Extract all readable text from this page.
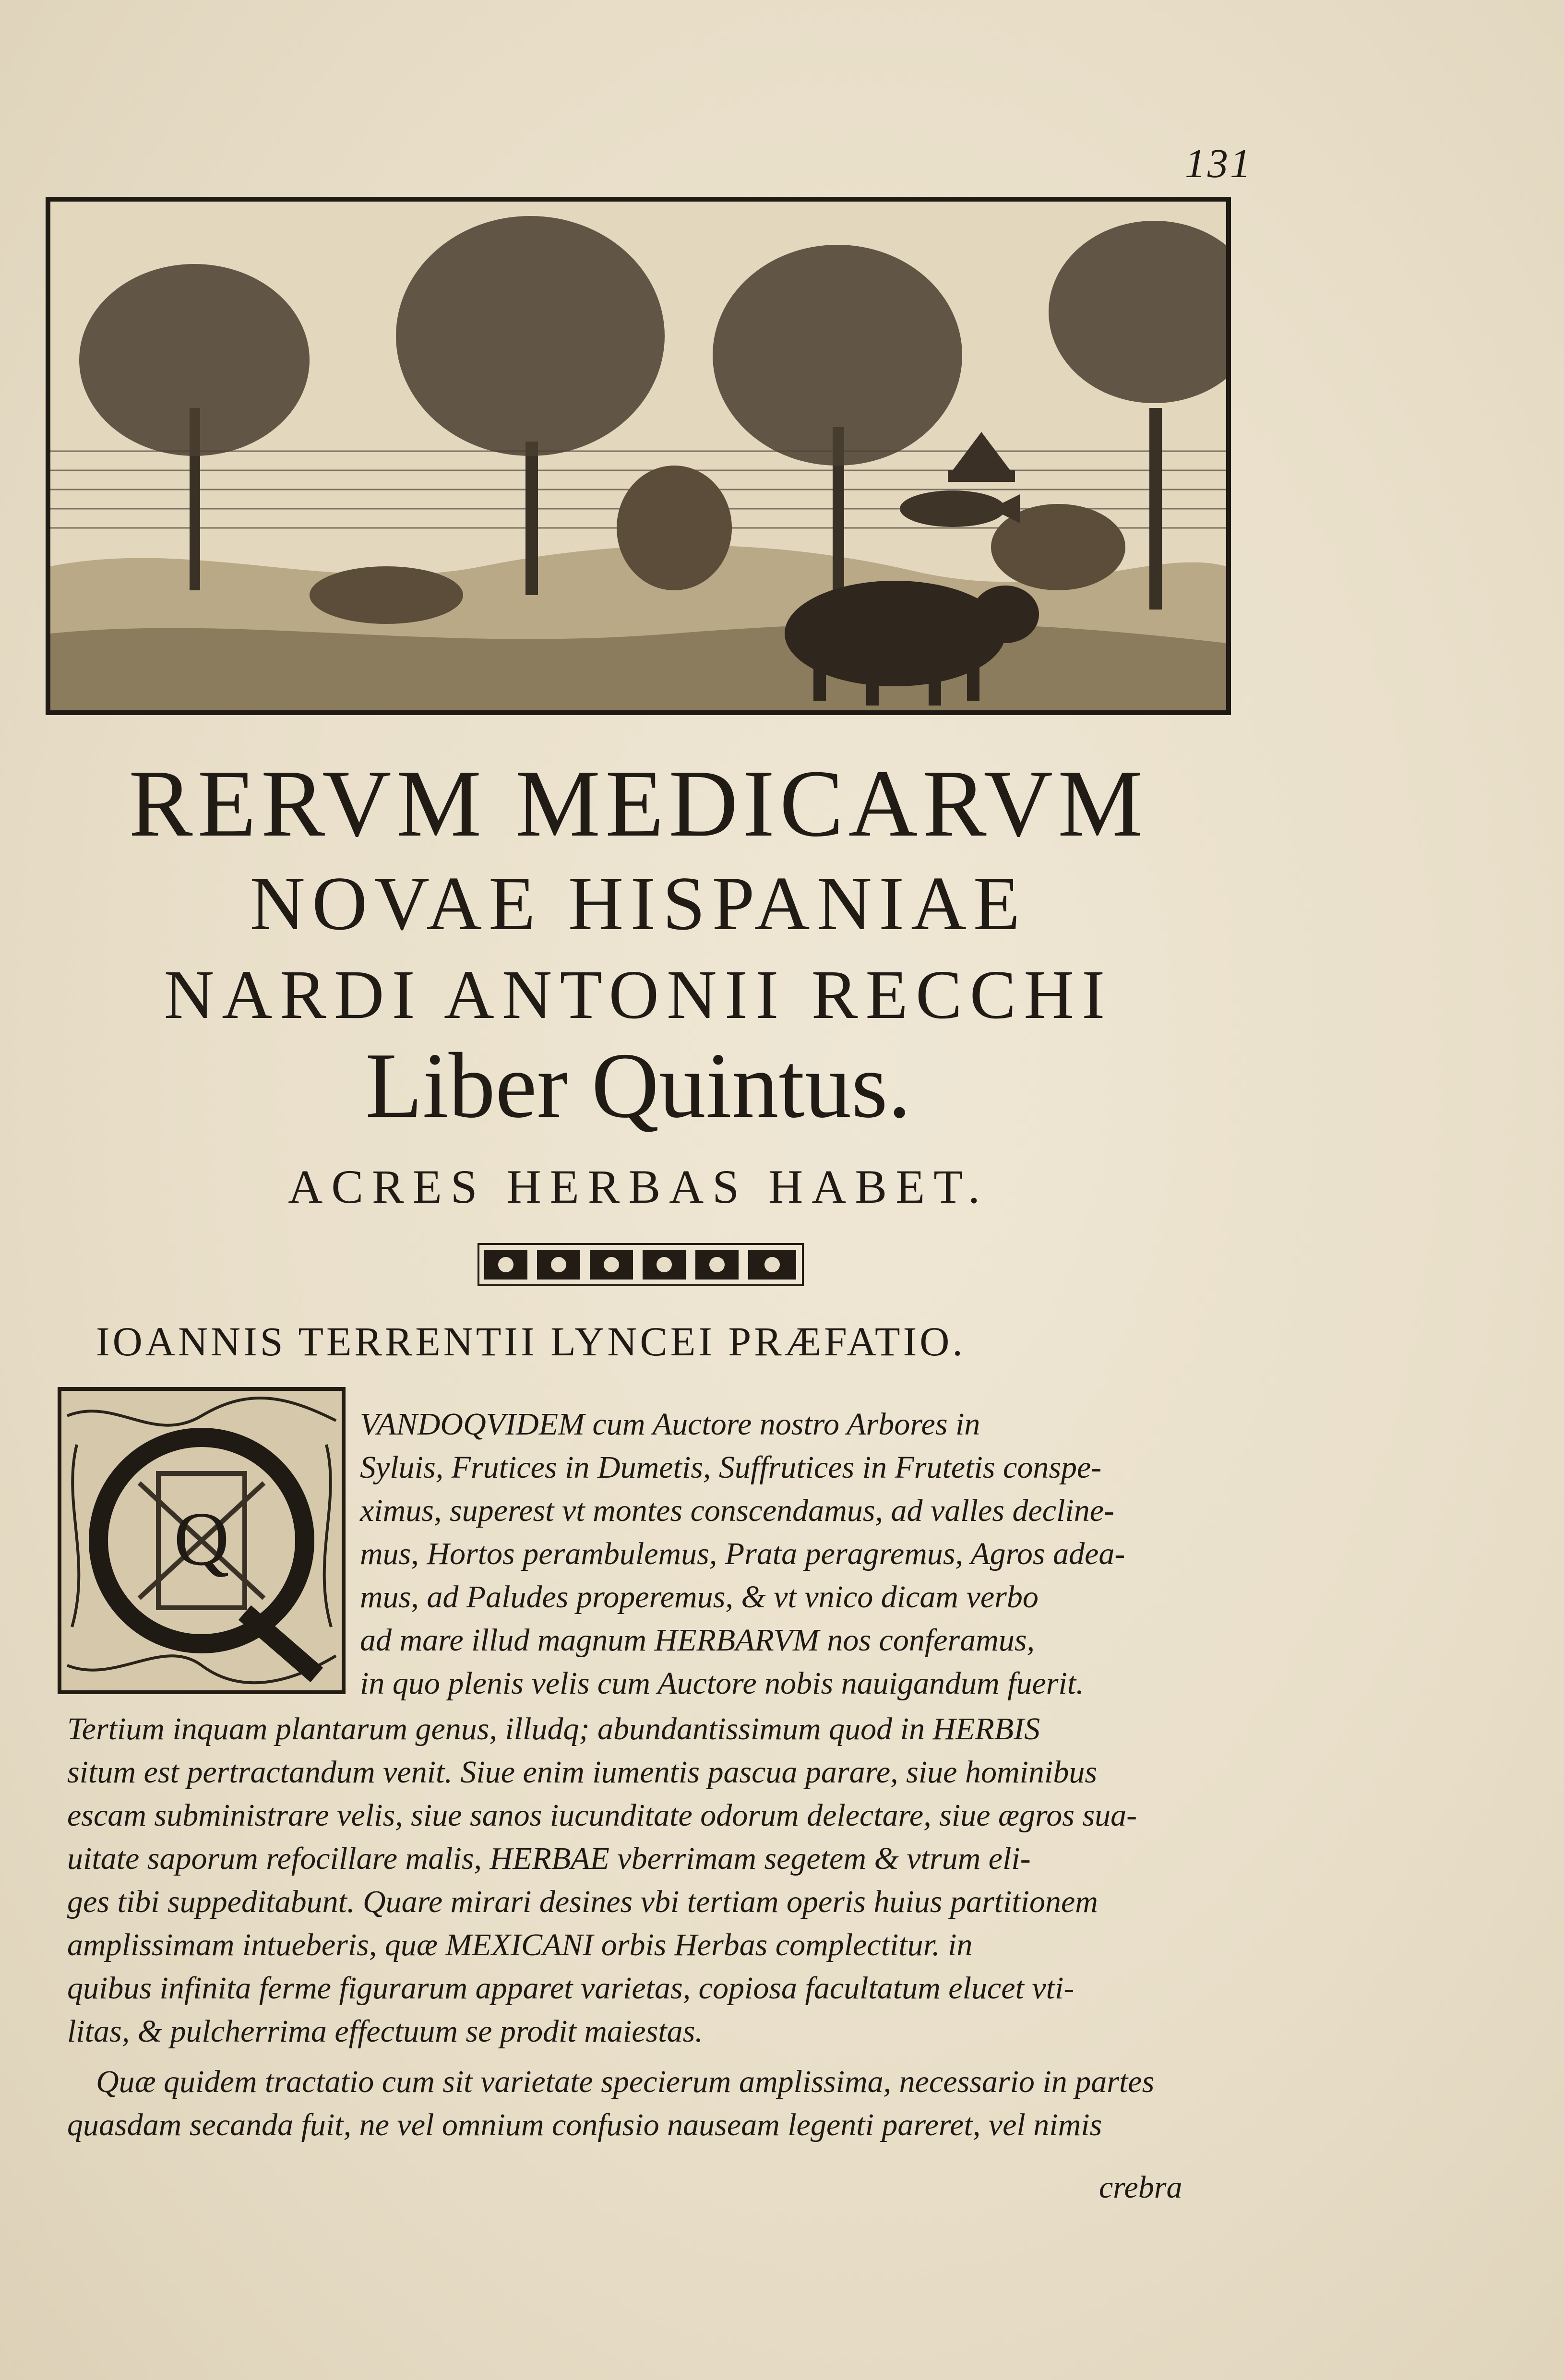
131
RERVM MEDICARVM
NOVAE HISPANIAE
NARDI ANTONII RECCHI
Liber Quintus.
ACRES HERBAS HABET.
IOANNIS TERRENTII LYNCEI PRÆFATIO.
Q
VANDOQVIDEM cum Auctore nostro Arbores in
Syluis, Frutices in Dumetis, Suffrutices in Frutetis conspe-
ximus, superest vt montes conscendamus, ad valles decline-
mus, Hortos perambulemus, Prata peragremus, Agros adea-
mus, ad Paludes properemus, & vt vnico dicam verbo
ad mare illud magnum HERBARVM nos conferamus,
in quo plenis velis cum Auctore nobis nauigandum fuerit.
Tertium inquam plantarum genus, illudq; abundantissimum quod in HERBIS
situm est pertractandum venit. Siue enim iumentis pascua parare, siue hominibus
escam subministrare velis, siue sanos iucunditate odorum delectare, siue ægros sua-
uitate saporum refocillare malis, HERBAE vberrimam segetem & vtrum eli-
ges tibi suppeditabunt. Quare mirari desines vbi tertiam operis huius partitionem
amplissimam intueberis, quæ MEXICANI orbis Herbas complectitur. in
quibus infinita ferme figurarum apparet varietas, copiosa facultatum elucet vti-
litas, & pulcherrima effectuum se prodit maiestas.
Quæ quidem tractatio cum sit varietate specierum amplissima, necessario in partes
quasdam secanda fuit, ne vel omnium confusio nauseam legenti pareret, vel nimis
crebra
